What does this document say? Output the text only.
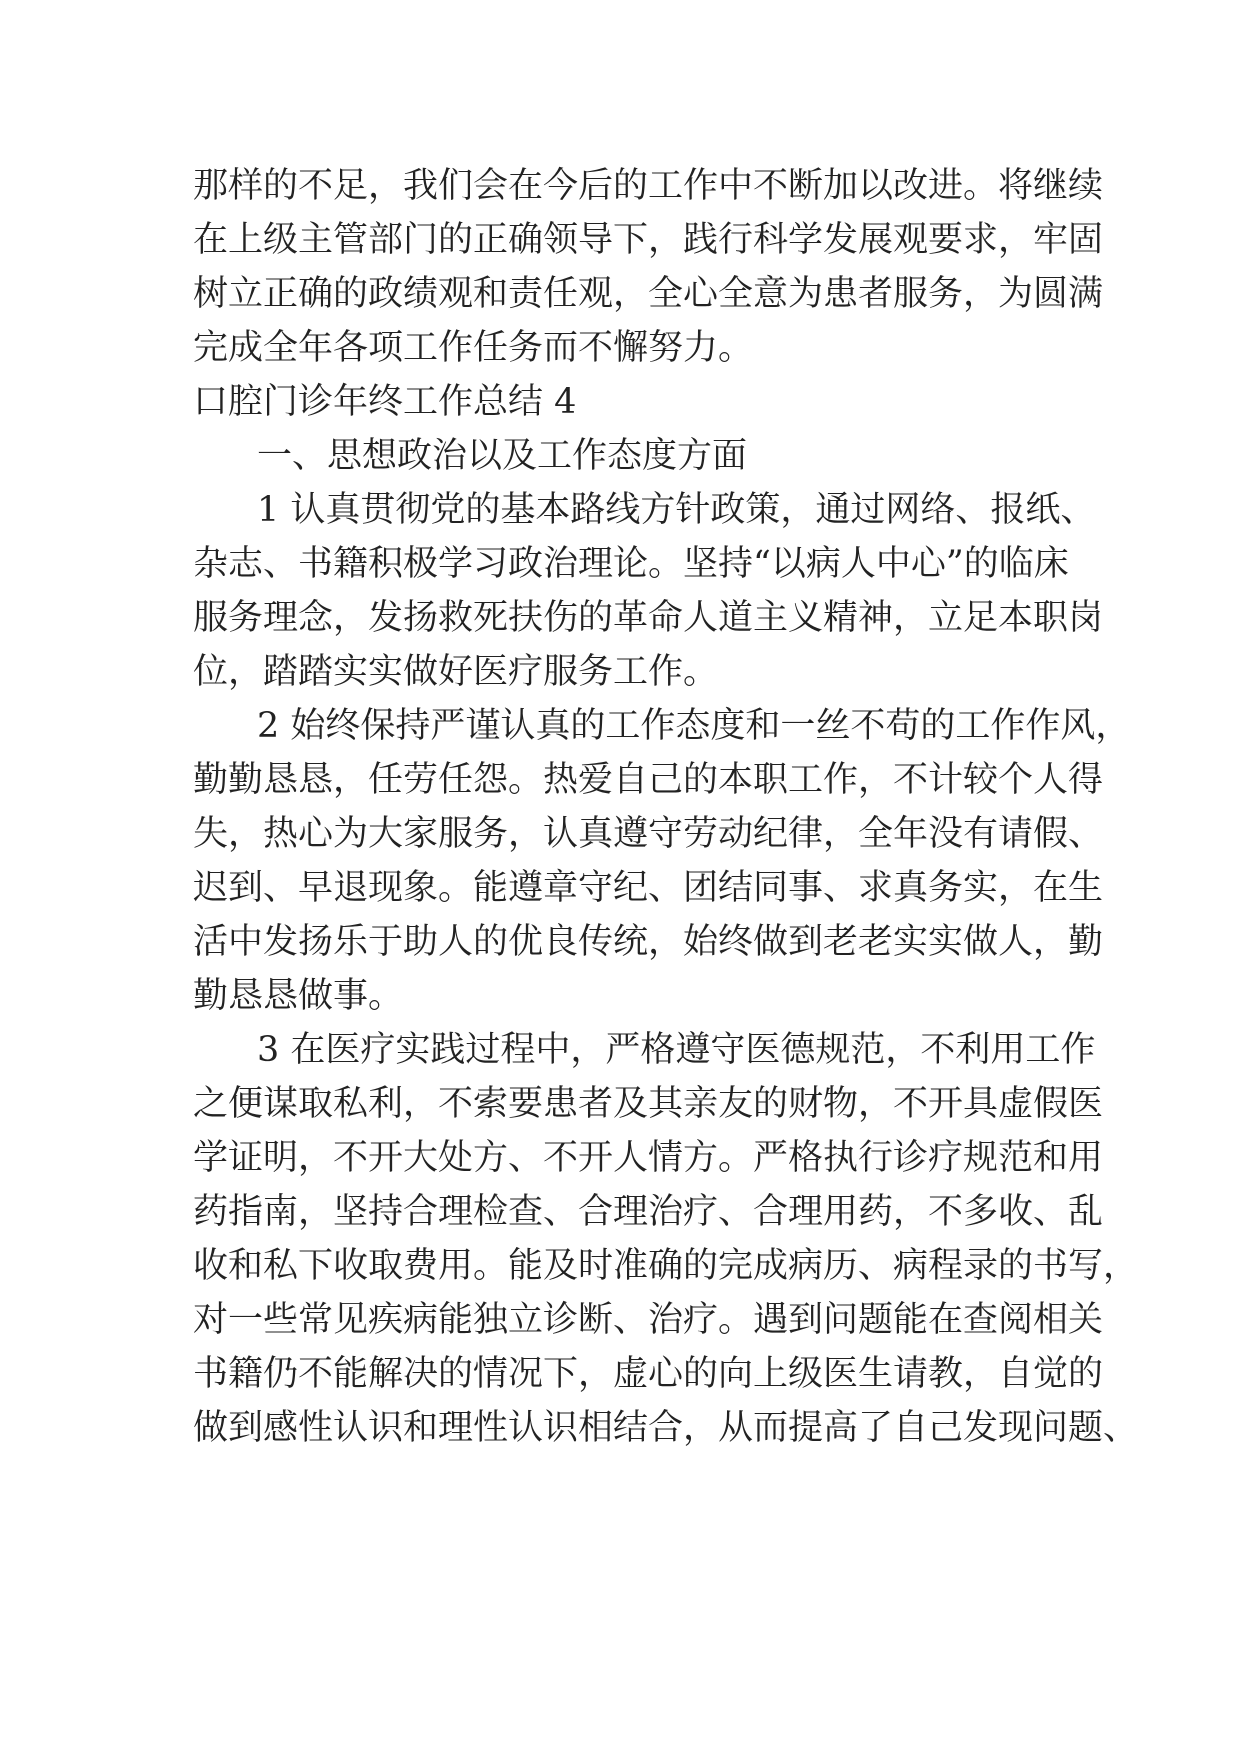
那样的不足，我们会在今后的工作中不断加以改进。将继续
在上级主管部门的正确领导下，践行科学发展观要求，牢固
树立正确的政绩观和责任观，全心全意为患者服务，为圆满
完成全年各项工作任务而不懈努力。
口腔门诊年终工作总结 4
一、思想政治以及工作态度方面
1 认真贯彻党的基本路线方针政策，通过网络、报纸、
杂志、书籍积极学习政治理论。坚持“以病人中心”的临床
服务理念，发扬救死扶伤的革命人道主义精神，立足本职岗
位，踏踏实实做好医疗服务工作。
2 始终保持严谨认真的工作态度和一丝不苟的工作作风，
勤勤恳恳，任劳任怨。热爱自己的本职工作，不计较个人得
失，热心为大家服务，认真遵守劳动纪律，全年没有请假、
迟到、早退现象。能遵章守纪、团结同事、求真务实，在生
活中发扬乐于助人的优良传统，始终做到老老实实做人，勤
勤恳恳做事。
3 在医疗实践过程中，严格遵守医德规范，不利用工作
之便谋取私利，不索要患者及其亲友的财物，不开具虚假医
学证明，不开大处方、不开人情方。严格执行诊疗规范和用
药指南，坚持合理检查、合理治疗、合理用药，不多收、乱
收和私下收取费用。能及时准确的完成病历、病程录的书写，
对一些常见疾病能独立诊断、治疗。遇到问题能在查阅相关
书籍仍不能解决的情况下，虚心的向上级医生请教，自觉的
做到感性认识和理性认识相结合，从而提高了自己发现问题、
